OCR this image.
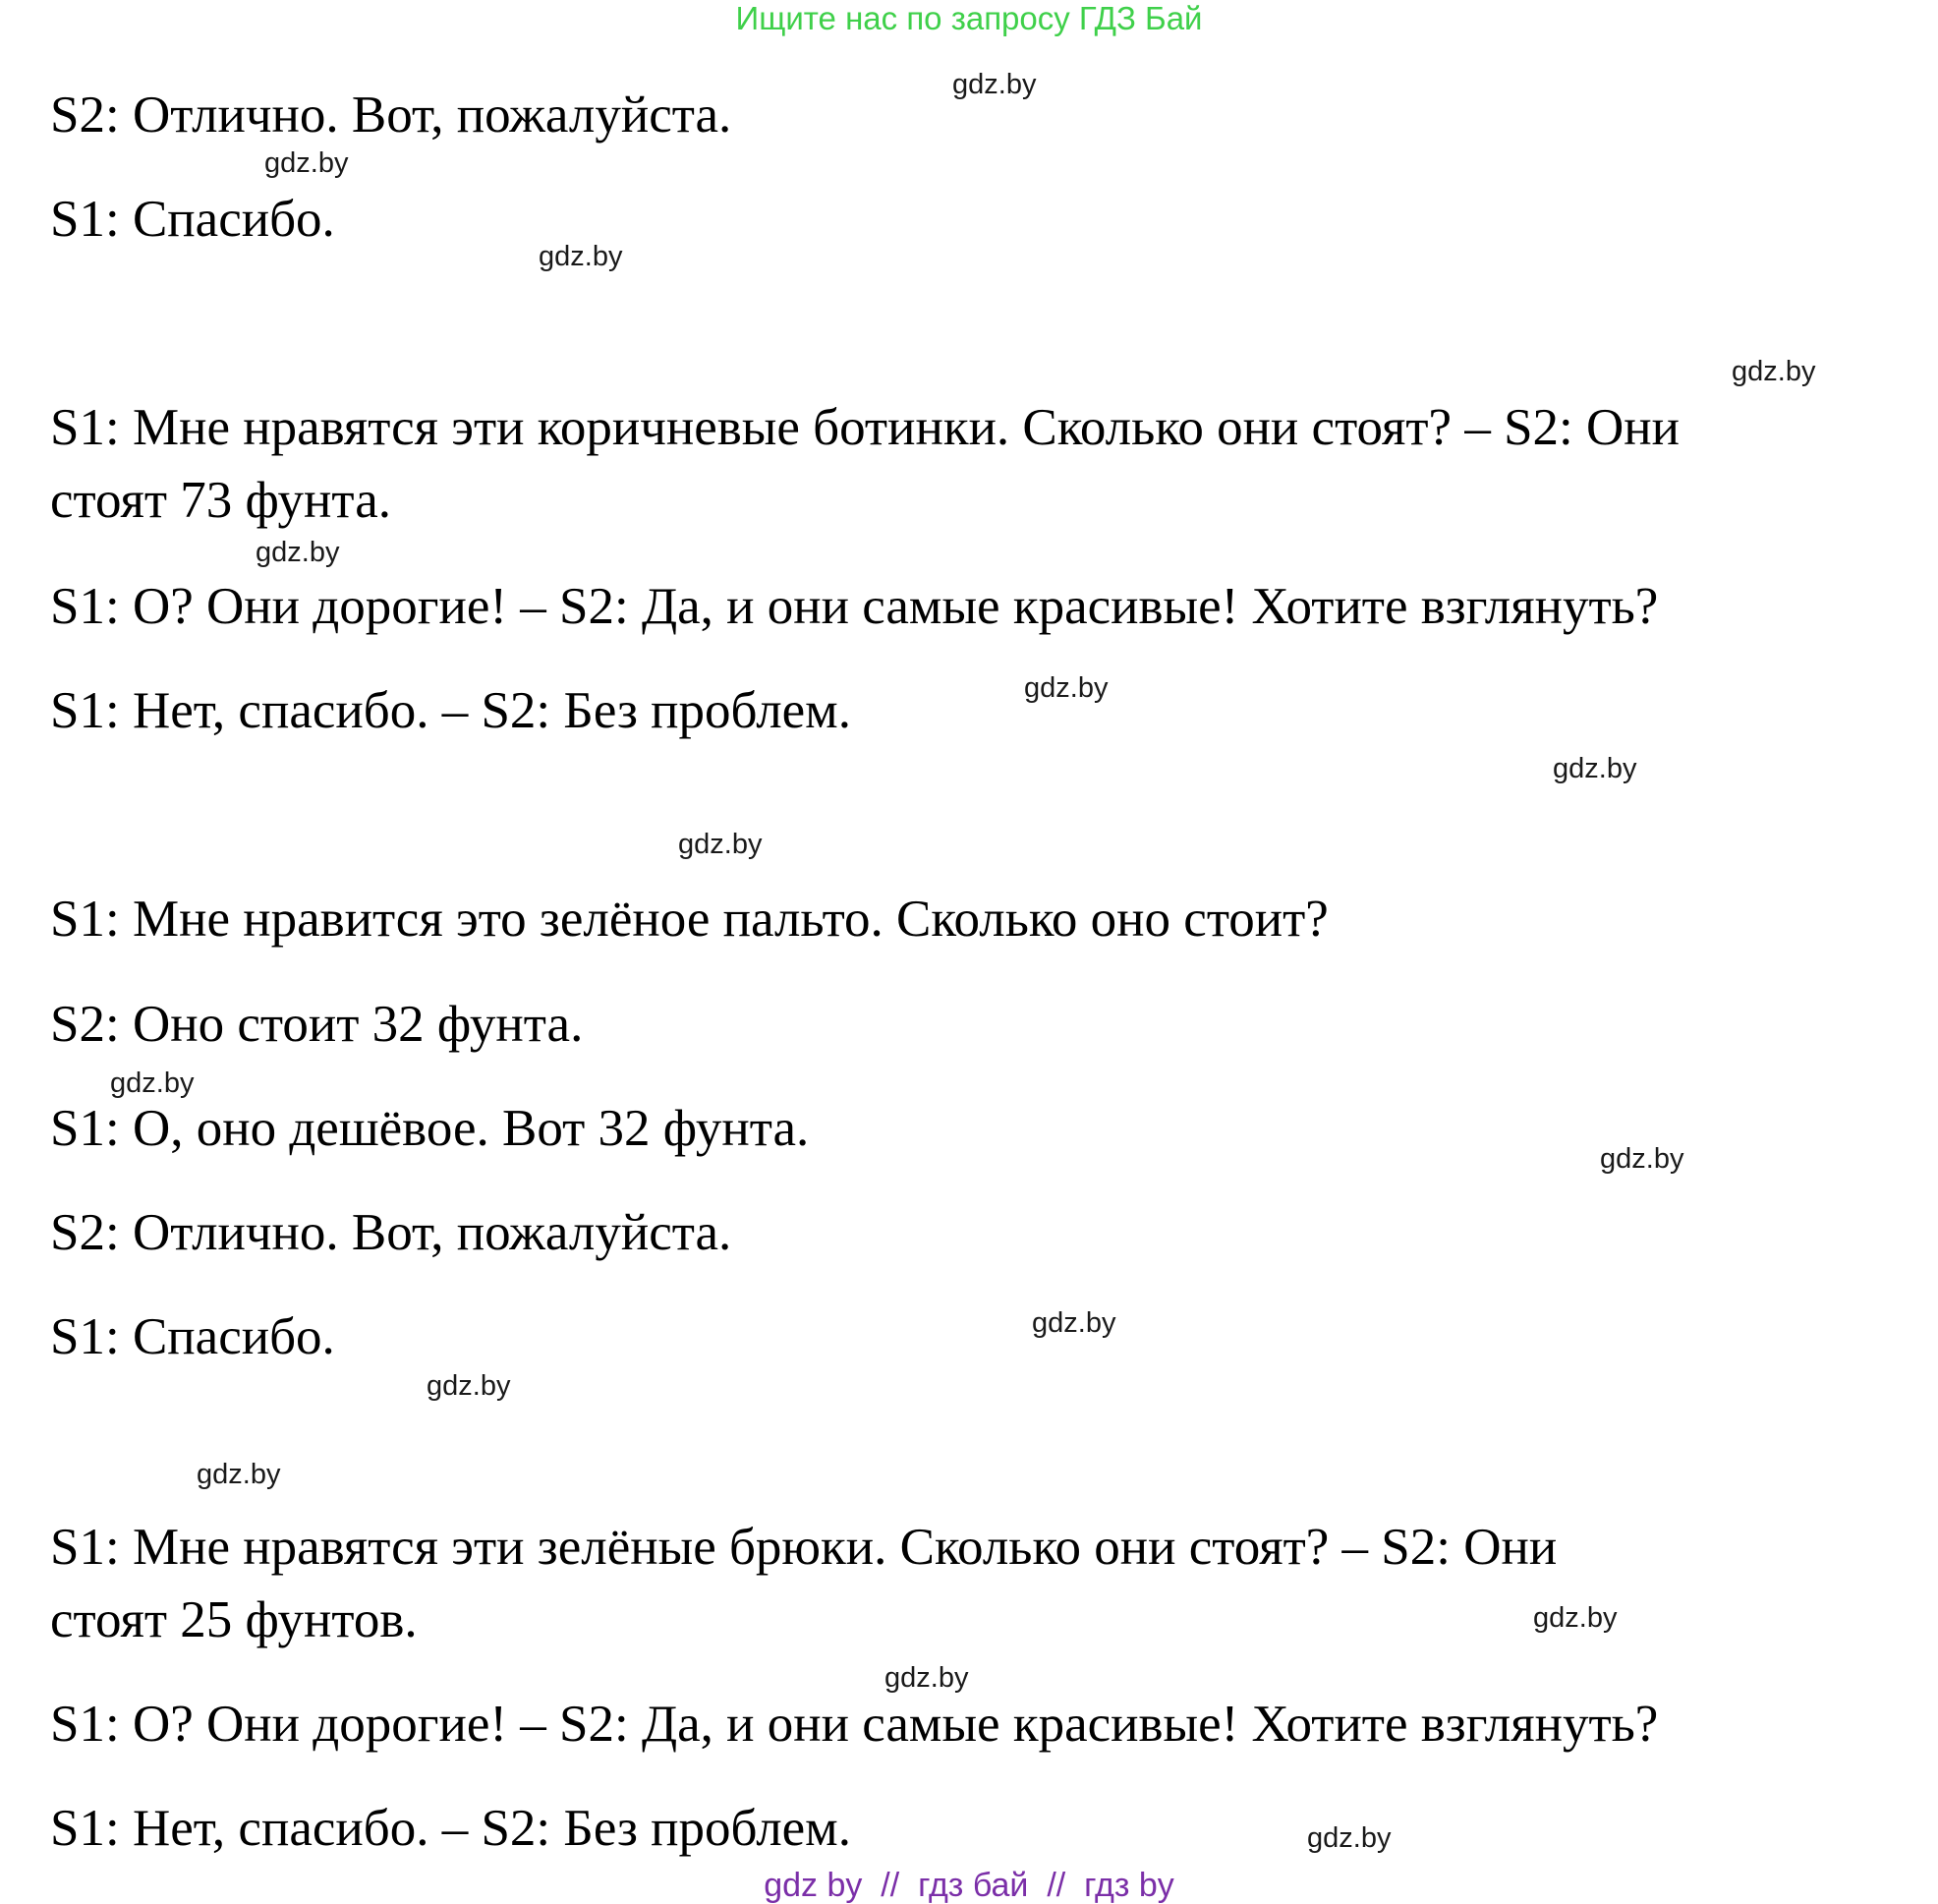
Ищите нас по запросу ГДЗ Бай
S2: Отлично. Вот, пожалуйста.
S1: Спасибо.
S1: Мне нравятся эти коричневые ботинки. Сколько они стоят? – S2: Они
стоят 73 фунта.
S1: О? Они дорогие! – S2: Да, и они самые красивые! Хотите взглянуть?
S1: Нет, спасибо. – S2: Без проблем.
S1: Мне нравится это зелёное пальто. Сколько оно стоит?
S2: Оно стоит 32 фунта.
S1: О, оно дешёвое. Вот 32 фунта.
S2: Отлично. Вот, пожалуйста.
S1: Спасибо.
S1: Мне нравятся эти зелёные брюки. Сколько они стоят? – S2: Они
стоят 25 фунтов.
S1: О? Они дорогие! – S2: Да, и они самые красивые! Хотите взглянуть?
S1: Нет, спасибо. – S2: Без проблем.
gdz.by
gdz.by
gdz.by
gdz.by
gdz.by
gdz.by
gdz.by
gdz.by
gdz.by
gdz.by
gdz.by
gdz.by
gdz.by
gdz.by
gdz.by
gdz.by
gdz by  //  гдз бай  //  гдз by
